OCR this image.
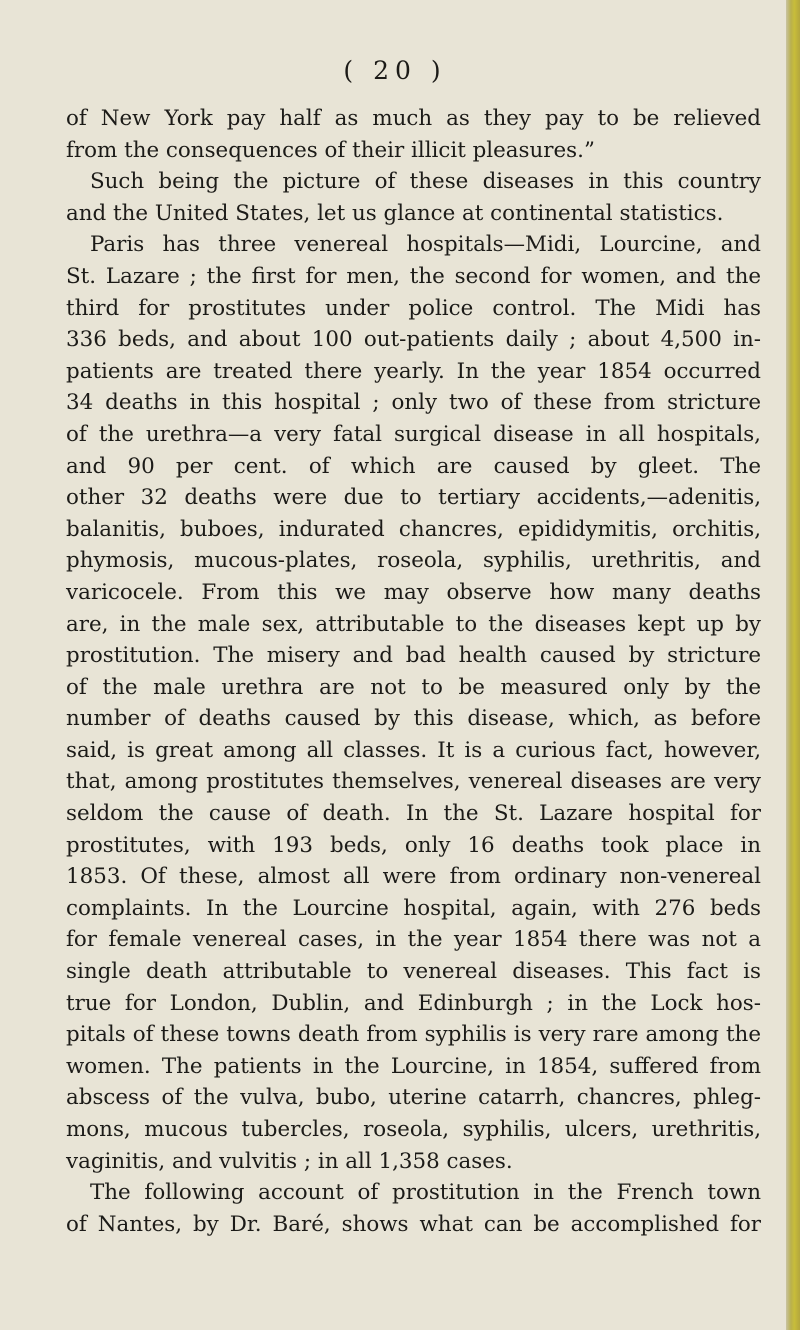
( 20 )
of New York pay half as much as they pay to be relieved
from the consequences of their illicit pleasures.”
Such being the picture of these diseases in this country
and the United States, let us glance at continental statistics.
Paris has three venereal hospitals—Midi, Lourcine, and
St. Lazare ; the first for men, the second for women, and the
third for prostitutes under police control. The Midi has
336 beds, and about 100 out-patients daily ; about 4,500 in-
patients are treated there yearly. In the year 1854 occurred
34 deaths in this hospital ; only two of these from stricture
of the urethra—a very fatal surgical disease in all hospitals,
and 90 per cent. of which are caused by gleet. The
other 32 deaths were due to tertiary accidents,—adenitis,
balanitis, buboes, indurated chancres, epididymitis, orchitis,
phymosis, mucous-plates, roseola, syphilis, urethritis, and
varicocele. From this we may observe how many deaths
are, in the male sex, attributable to the diseases kept up by
prostitution. The misery and bad health caused by stricture
of the male urethra are not to be measured only by the
number of deaths caused by this disease, which, as before
said, is great among all classes. It is a curious fact, however,
that, among prostitutes themselves, venereal diseases are very
seldom the cause of death. In the St. Lazare hospital for
prostitutes, with 193 beds, only 16 deaths took place in
1853. Of these, almost all were from ordinary non-venereal
complaints. In the Lourcine hospital, again, with 276 beds
for female venereal cases, in the year 1854 there was not a
single death attributable to venereal diseases. This fact is
true for London, Dublin, and Edinburgh ; in the Lock hos-
pitals of these towns death from syphilis is very rare among the
women. The patients in the Lourcine, in 1854, suffered from
abscess of the vulva, bubo, uterine catarrh, chancres, phleg-
mons, mucous tubercles, roseola, syphilis, ulcers, urethritis,
vaginitis, and vulvitis ; in all 1,358 cases.
The following account of prostitution in the French town
of Nantes, by Dr. Baré, shows what can be accomplished for
